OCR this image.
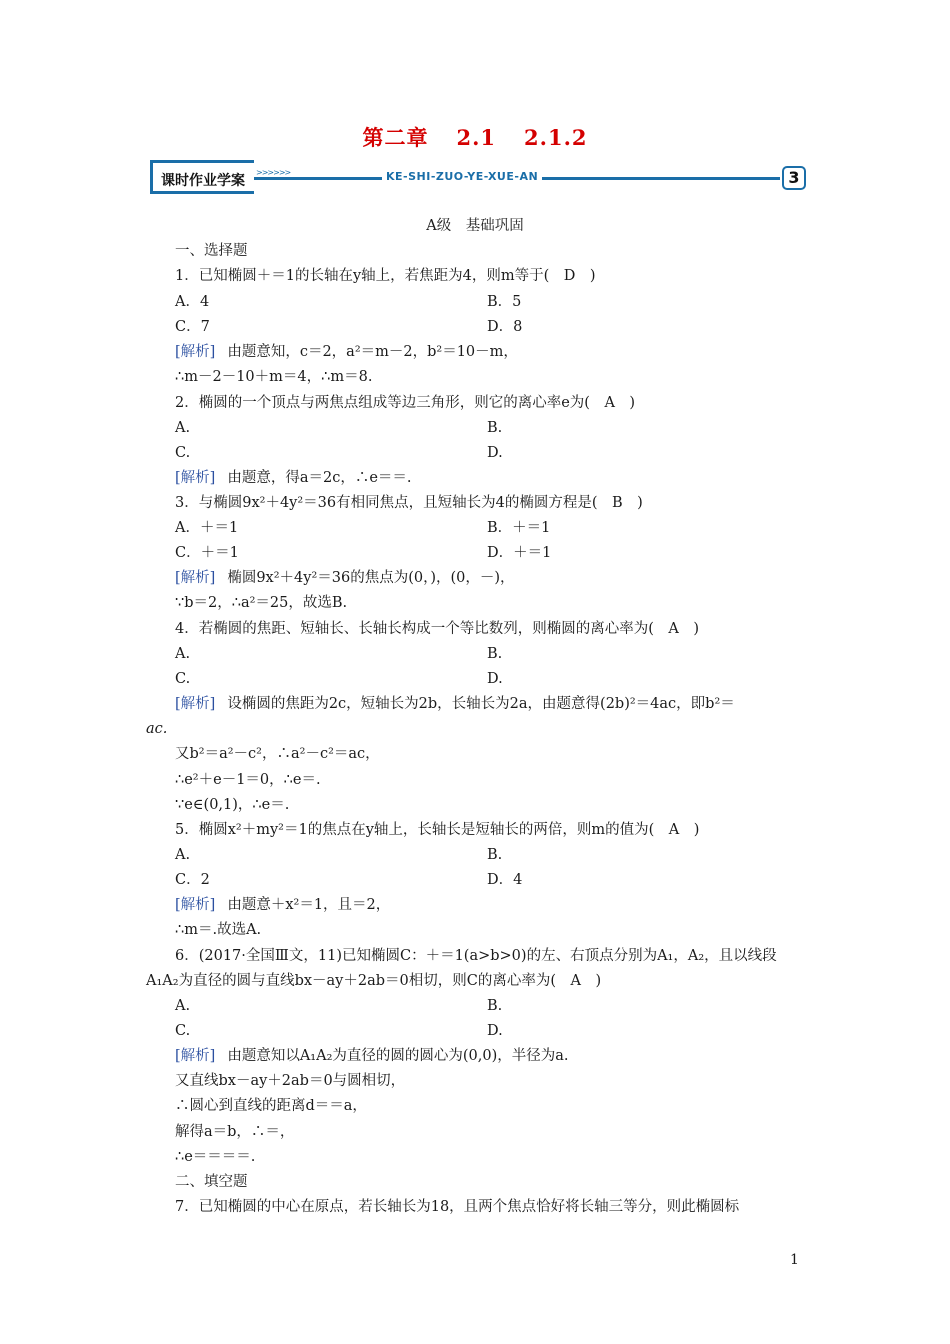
第二章 2.1 2.1.2
课时作业学案
>>>>>>	KE-SHI-ZUO-YE-XUE-AN	3
A级　基础巩固
一、选择题
1．已知椭圆＋＝1的长轴在y轴上，若焦距为4，则m等于(　D　)
A．4	B．5
C．7	D．8
[解析] 由题意知，c＝2，a²＝m－2，b²＝10－m，
∴m－2－10＋m＝4，∴m＝8.
2．椭圆的一个顶点与两焦点组成等边三角形，则它的离心率e为(　A　)
A.	B.
C.	D.
[解析] 由题意，得a＝2c，∴e＝＝.
3．与椭圆9x²＋4y²＝36有相同焦点，且短轴长为4的椭圆方程是(　B　)
A．＋＝1	B．＋＝1
C．＋＝1	D．＋＝1
[解析] 椭圆9x²＋4y²＝36的焦点为(0，)，(0，－)，
∵b＝2，∴a²＝25，故选B.
4．若椭圆的焦距、短轴长、长轴长构成一个等比数列，则椭圆的离心率为(　A　)
A.	B.
C.	D.
[解析] 设椭圆的焦距为2c，短轴长为2b，长轴长为2a，由题意得(2b)²＝4ac，即b²＝
ac.
又b²＝a²－c²，∴a²－c²＝ac，
∴e²＋e－1＝0，∴e＝.
∵e∈(0,1)，∴e＝.
5．椭圆x²＋my²＝1的焦点在y轴上，长轴长是短轴长的两倍，则m的值为(　A　)
A.	B.
C．2	D．4
[解析] 由题意＋x²＝1，且＝2，
∴m＝.故选A.
6．(2017·全国Ⅲ文，11)已知椭圆C：＋＝1(a>b>0)的左、右顶点分别为A₁，A₂，且以线段
A₁A₂为直径的圆与直线bx－ay＋2ab＝0相切，则C的离心率为(　A　)
A.	B.
C.	D.
[解析] 由题意知以A₁A₂为直径的圆的圆心为(0,0)，半径为a.
又直线bx－ay＋2ab＝0与圆相切，
∴圆心到直线的距离d＝＝a，
解得a＝b，∴＝，
∴e＝＝＝＝.
二、填空题
7．已知椭圆的中心在原点，若长轴长为18，且两个焦点恰好将长轴三等分，则此椭圆标
1
